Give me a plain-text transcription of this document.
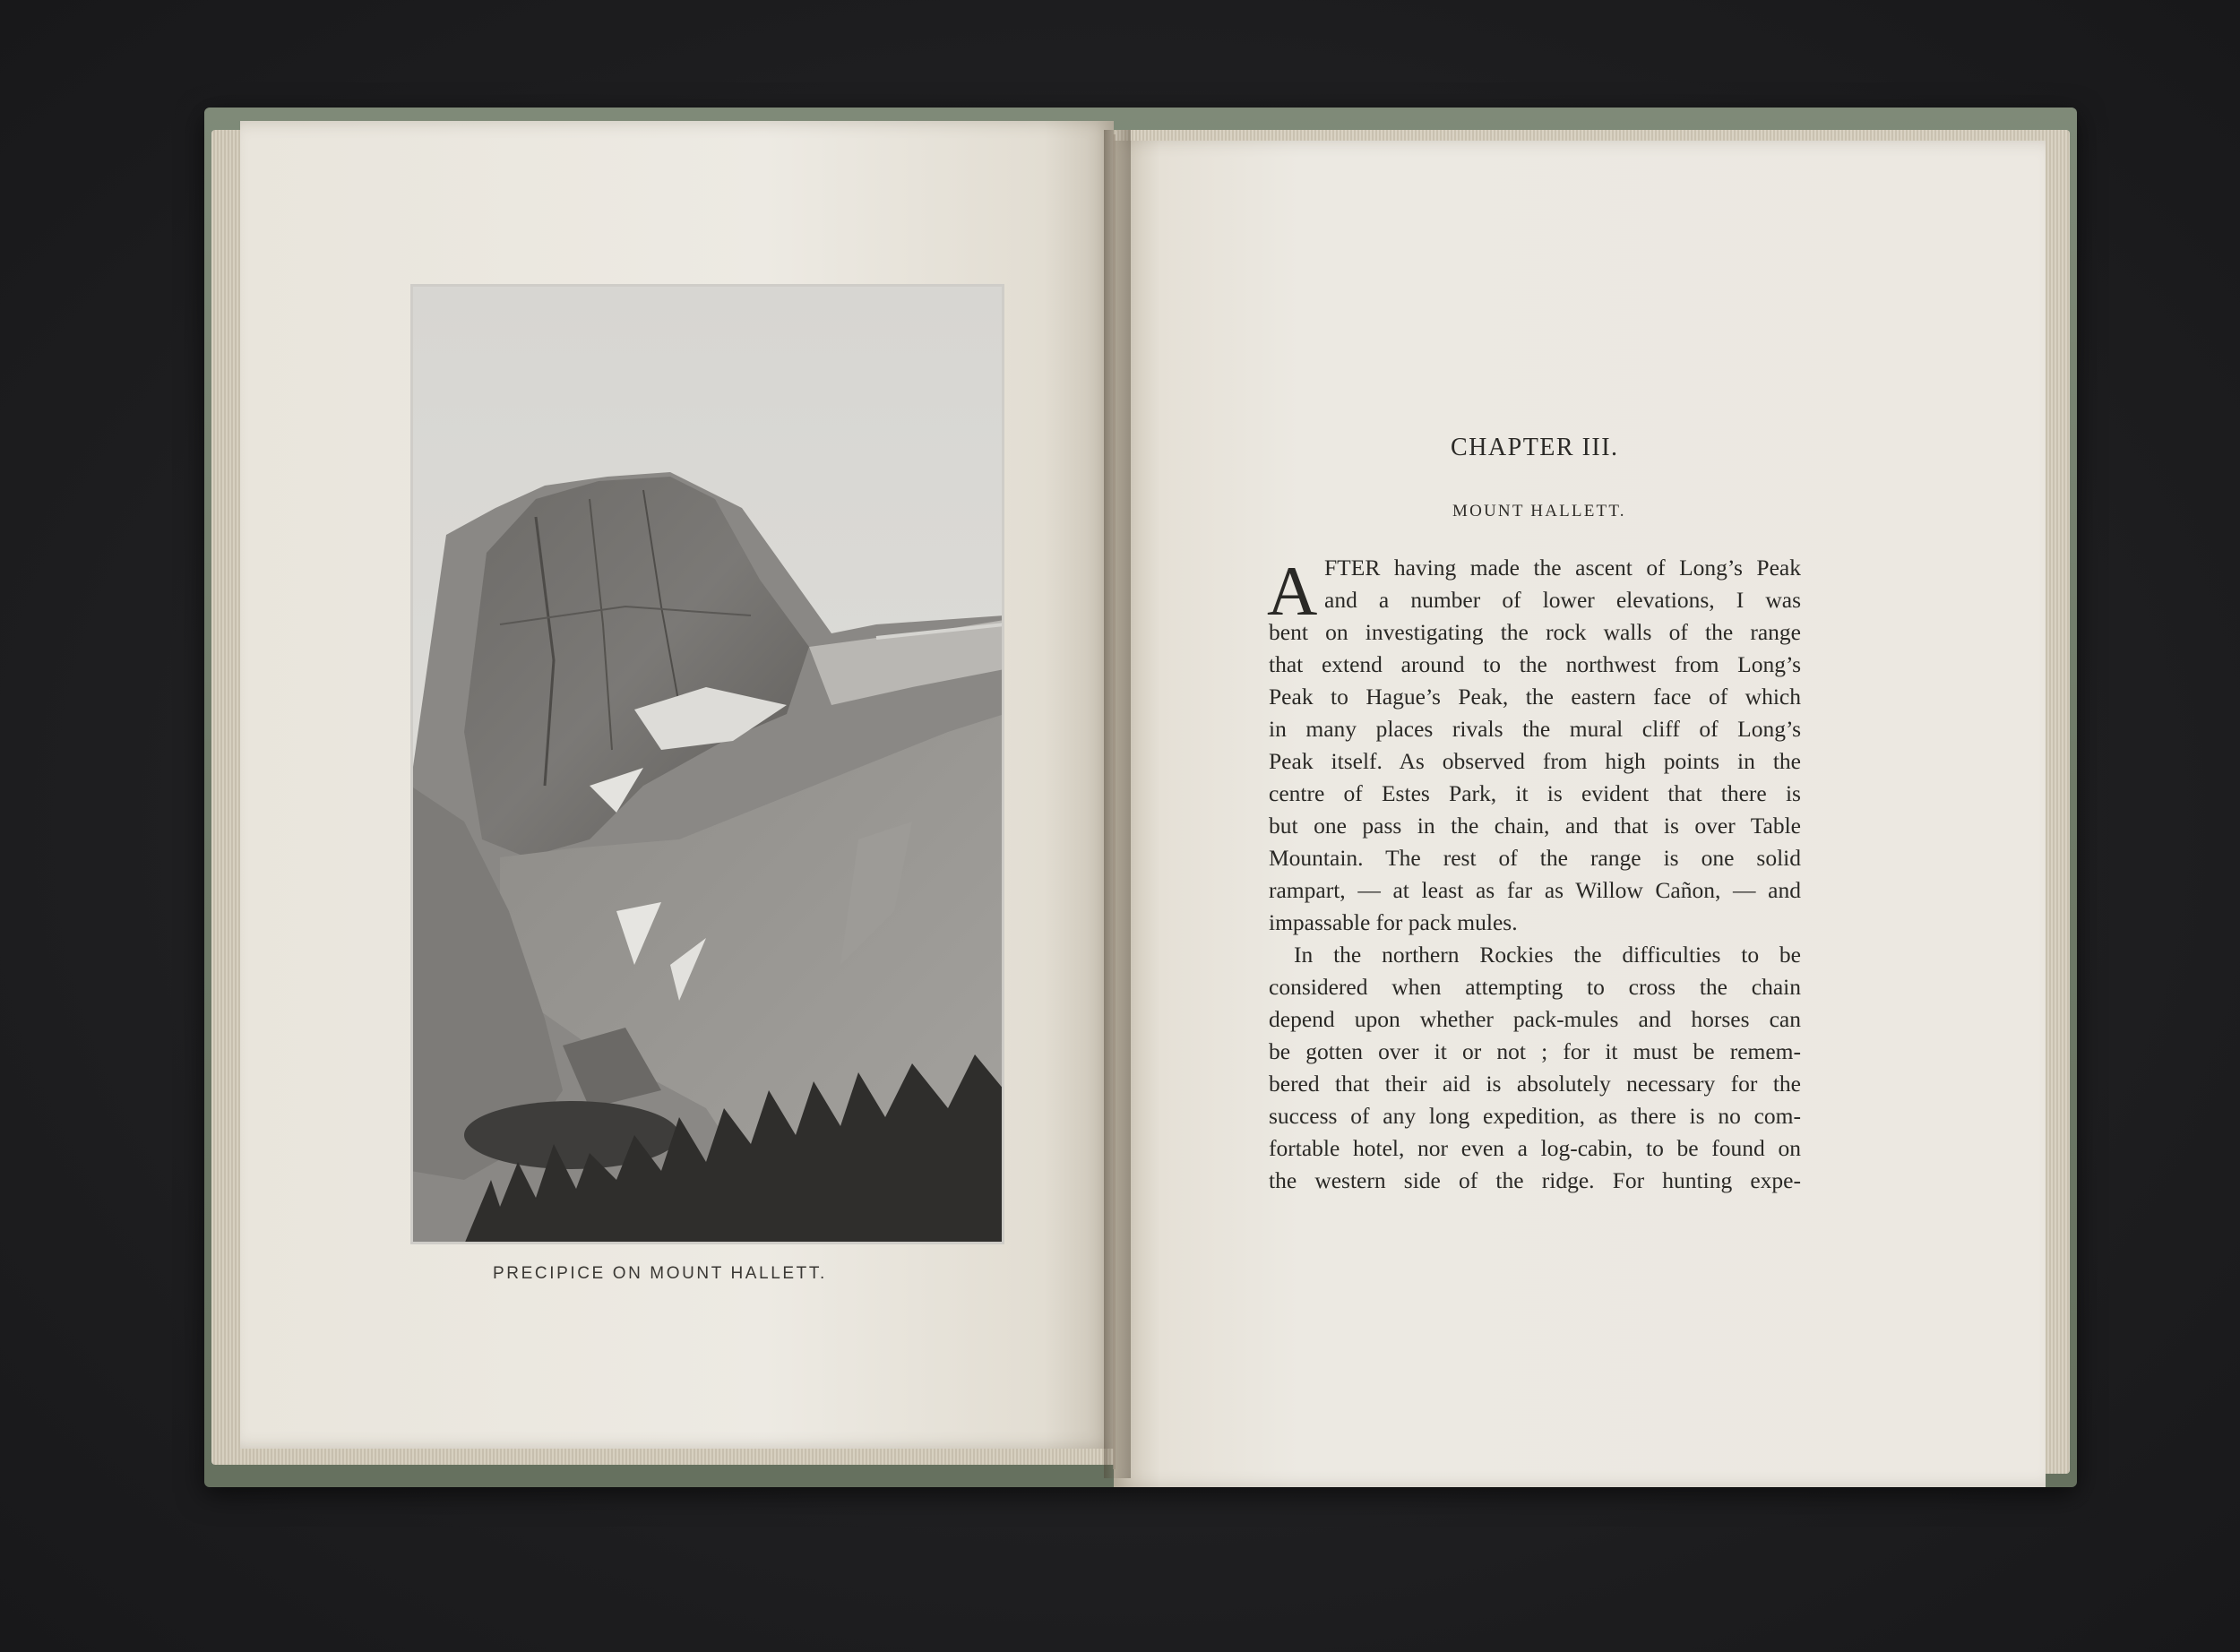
PRECIPICE ON MOUNT HALLETT.
CHAPTER III.
MOUNT HALLETT.
A FTER having made the ascent of Long’s Peak
and a number of lower elevations, I was
bent on investigating the rock walls of the range
that extend around to the northwest from Long’s
Peak to Hague’s Peak, the eastern face of which
in many places rivals the mural cliff of Long’s
Peak itself. As observed from high points in the
centre of Estes Park, it is evident that there is
but one pass in the chain, and that is over Table
Mountain. The rest of the range is one solid
rampart, — at least as far as Willow Cañon, — and
impassable for pack mules.
In the northern Rockies the difficulties to be
considered when attempting to cross the chain
depend upon whether pack-mules and horses can
be gotten over it or not ; for it must be remem-
bered that their aid is absolutely necessary for the
success of any long expedition, as there is no com-
fortable hotel, nor even a log-cabin, to be found on
the western side of the ridge. For hunting expe-
